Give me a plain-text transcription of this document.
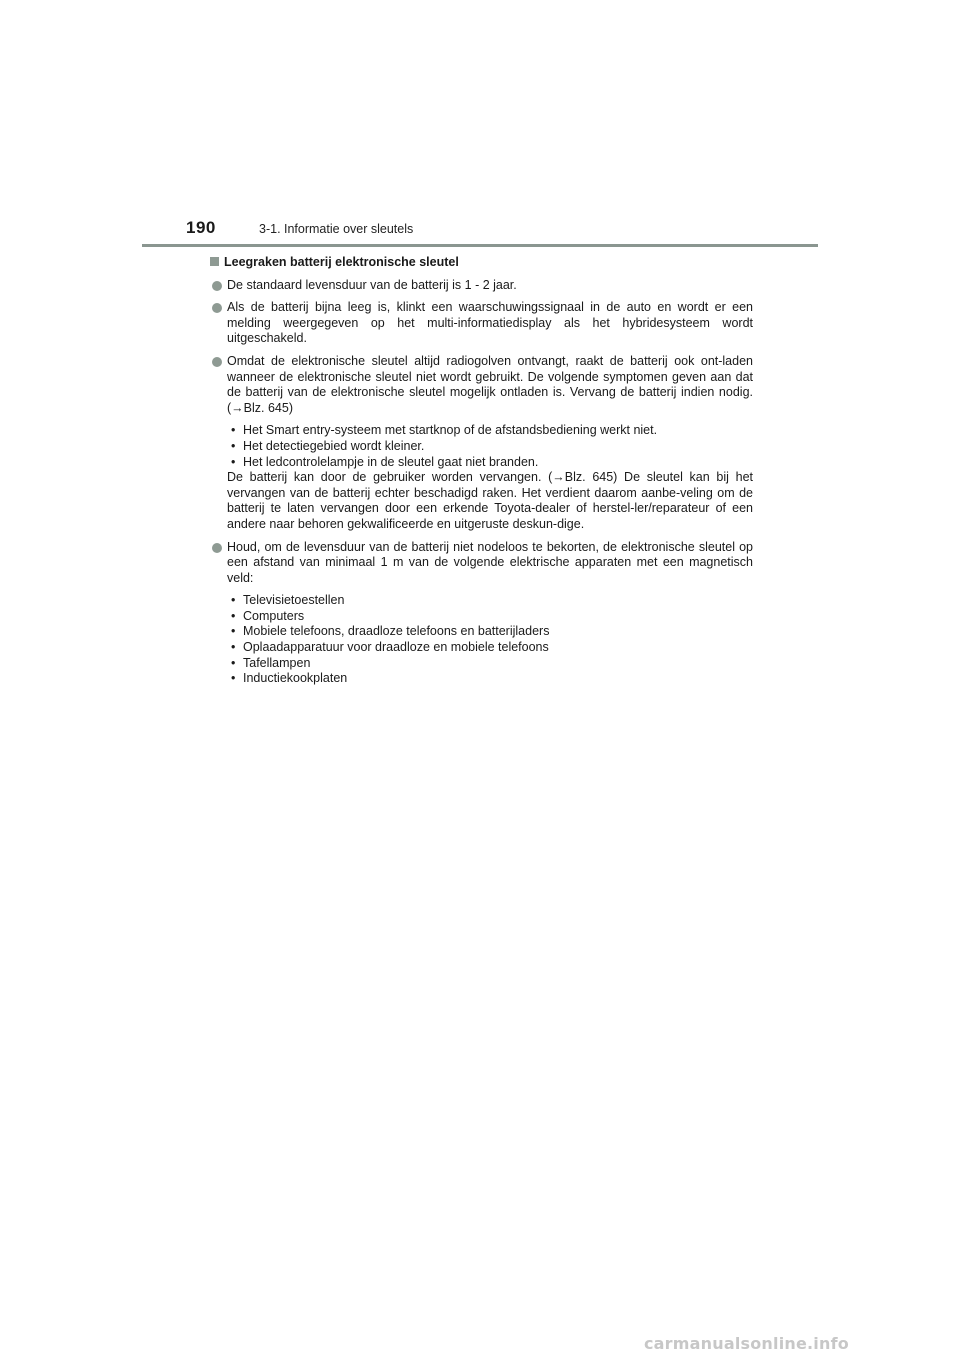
190	3-1. Informatie over sleutels
Leegraken batterij elektronische sleutel

De standaard levensduur van de batterij is 1 - 2 jaar.

Als de batterij bijna leeg is, klinkt een waarschuwingssignaal in de auto en wordt er een melding weergegeven op het multi-informatiedisplay als het hybridesysteem wordt uitgeschakeld.

Omdat de elektronische sleutel altijd radiogolven ontvangt, raakt de batterij ook ont-laden wanneer de elektronische sleutel niet wordt gebruikt. De volgende symptomen geven aan dat de batterij van de elektronische sleutel mogelijk ontladen is. Vervang de batterij indien nodig. (→Blz. 645)

• Het Smart entry-systeem met startknop of de afstandsbediening werkt niet.
• Het detectiegebied wordt kleiner.
• Het ledcontrolelampje in de sleutel gaat niet branden.

De batterij kan door de gebruiker worden vervangen. (→Blz. 645) De sleutel kan bij het vervangen van de batterij echter beschadigd raken. Het verdient daarom aanbe-veling om de batterij te laten vervangen door een erkende Toyota-dealer of herstel-ler/reparateur of een andere naar behoren gekwalificeerde en uitgeruste deskun-dige.

Houd, om de levensduur van de batterij niet nodeloos te bekorten, de elektronische sleutel op een afstand van minimaal 1 m van de volgende elektrische apparaten met een magnetisch veld:

• Televisietoestellen
• Computers
• Mobiele telefoons, draadloze telefoons en batterijladers
• Oplaadapparatuur voor draadloze en mobiele telefoons
• Tafellampen
• Inductiekookplaten
carmanualsonline.info
